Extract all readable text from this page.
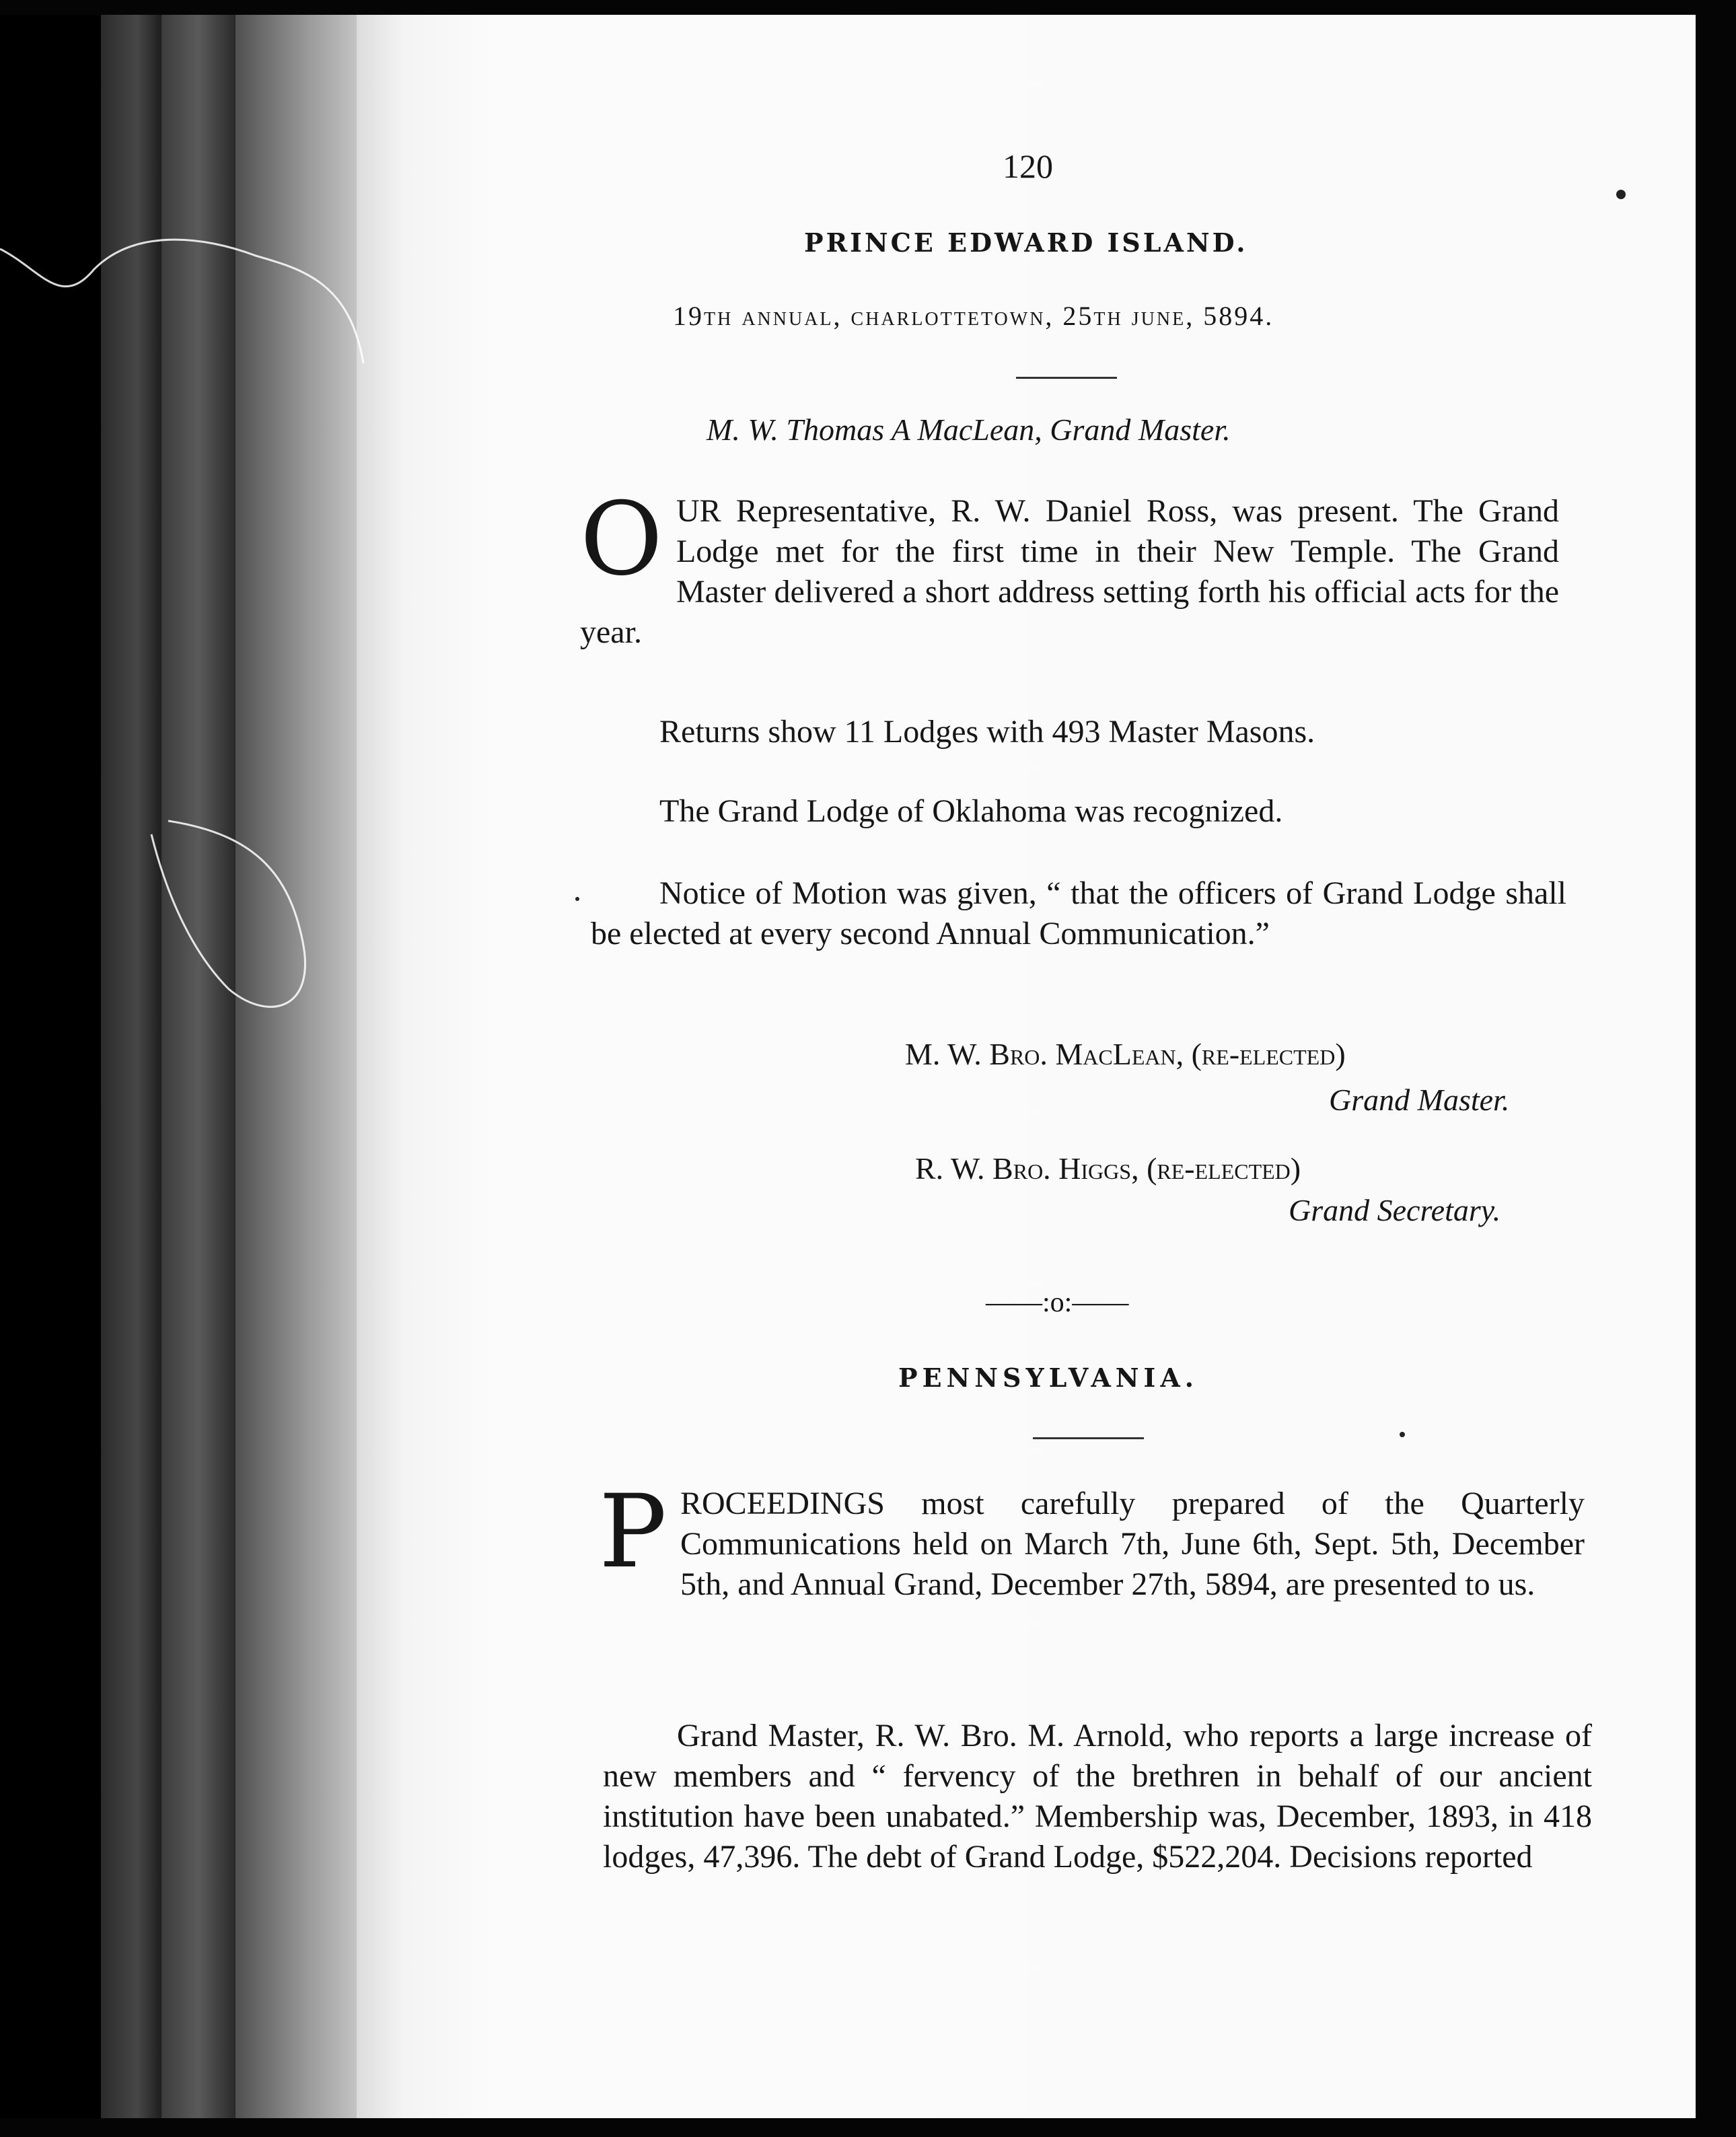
120
PRINCE EDWARD ISLAND.
19th annual, charlottetown, 25th june, 5894.
M. W. Thomas A MacLean, Grand Master.
O UR Representative, R. W. Daniel Ross, was present. The Grand Lodge met for the first time in their New Temple. The Grand Master delivered a short address setting forth his official acts for the year.
Returns show 11 Lodges with 493 Master Masons.
The Grand Lodge of Oklahoma was recognized.
Notice of Motion was given, “ that the officers of Grand Lodge shall be elected at every second Annual Communication.”
M. W. Bro. MacLean, (re-elected)
Grand Master.
R. W. Bro. Higgs, (re-elected)
Grand Secretary.
——:o:——
PENNSYLVANIA.
P ROCEEDINGS most carefully prepared of the Quarterly Communications held on March 7th, June 6th, Sept. 5th, December 5th, and Annual Grand, December 27th, 5894, are presented to us.
Grand Master, R. W. Bro. M. Arnold, who reports a large increase of new members and “ fervency of the brethren in behalf of our ancient institution have been unabated.” Membership was, December, 1893, in 418 lodges, 47,396. The debt of Grand Lodge, $522,204. Decisions reported
